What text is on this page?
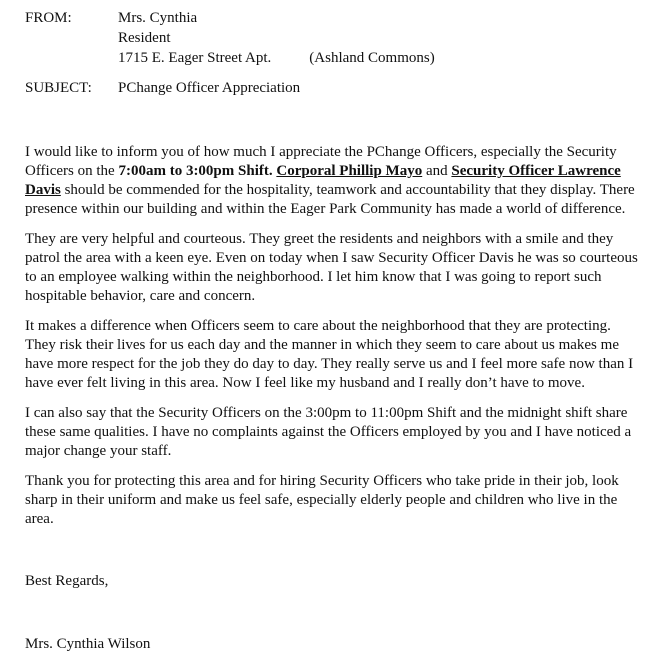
FROM:	Mrs. Cynthia
Resident
1715 E. Eager Street Apt.	(Ashland Commons)
SUBJECT: PChange Officer Appreciation

I would like to inform you of how much I appreciate the PChange Officers, especially the Security Officers on the 7:00am to 3:00pm Shift. Corporal Phillip Mayo and Security Officer Lawrence Davis should be commended for the hospitality, teamwork and accountability that they display. There presence within our building and within the Eager Park Community has made a world of difference.

They are very helpful and courteous. They greet the residents and neighbors with a smile and they patrol the area with a keen eye. Even on today when I saw Security Officer Davis he was so courteous to an employee walking within the neighborhood. I let him know that I was going to report such hospitable behavior, care and concern.

It makes a difference when Officers seem to care about the neighborhood that they are protecting. They risk their lives for us each day and the manner in which they seem to care about us makes me have more respect for the job they do day to day. They really serve us and I feel more safe now than I have ever felt living in this area. Now I feel like my husband and I really don’t have to move.

I can also say that the Security Officers on the 3:00pm to 11:00pm Shift and the midnight shift share these same qualities. I have no complaints against the Officers employed by you and I have noticed a major change your staff.

Thank you for protecting this area and for hiring Security Officers who take pride in their job, look sharp in their uniform and make us feel safe, especially elderly people and children who live in the area.

Best Regards,
Mrs. Cynthia Wilson
